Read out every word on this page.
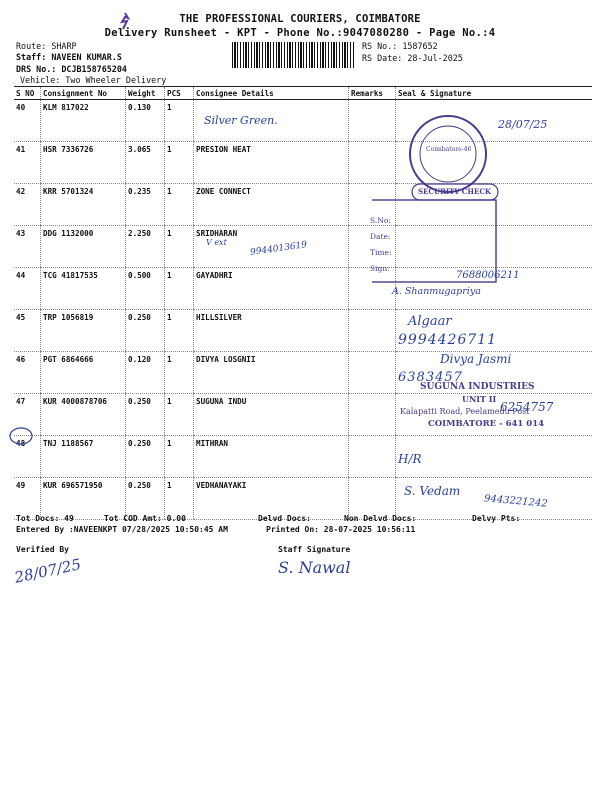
THE PROFESSIONAL COURIERS, COIMBATORE
Delivery Runsheet - KPT - Phone No.:9047080280 - Page No.:4
Route: SHARP
Staff: NAVEEN KUMAR.S
DRS No.: DCJB158765204
Vehicle: Two Wheeler Delivery
RS No.: 1587652
RS Date: 28-Jul-2025
S NO	Consignment No	Weight	PCS	Consignee Details	Remarks	Seal & Signature
40	KLM 817022	0.130	1			
41	HSR 7336726	3.065	1	PRESION HEAT		
42	KRR 5701324	0.235	1	ZONE CONNECT		
43	DDG 1132000	2.250	1	SRIDHARAN		
44	TCG 41817535	0.500	1	GAYADHRI		
45	TRP 1056819	0.250	1	HILLSILVER		
46	PGT 6864666	0.120	1	DIVYA LOSGNII		
47	KUR 4000878706	0.250	1	SUGUNA INDU		
48	TNJ 1188567	0.250	1	MITHRAN		
49	KUR 696571950	0.250	1	VEDHANAYAKI		
Coimbatore-46
SECURITY CHECK
S.No:
Date:
Time:
Sign:
SUGUNA INDUSTRIES
UNIT II
Kalapatti Road, Peelamedu Post
COIMBATORE - 641 014
Silver Green.	28/07/25
V ext	9944013619
7688006211
A. Shanmugapriya
Algaar
9994426711
Divya Jasmi
6383457
6254757
H/R
S. Vedam
9443221242
Tot Docs: 49	Tot COD Amt: 0.00	Delvd Docs:	Non Delvd Docs:	Delvy Pts:
Entered By :NAVEENKPT 07/28/2025 10:50:45 AM	Printed On: 28-07-2025 10:56:11
Verified By	Staff Signature
28/07/25	S. Nawal
